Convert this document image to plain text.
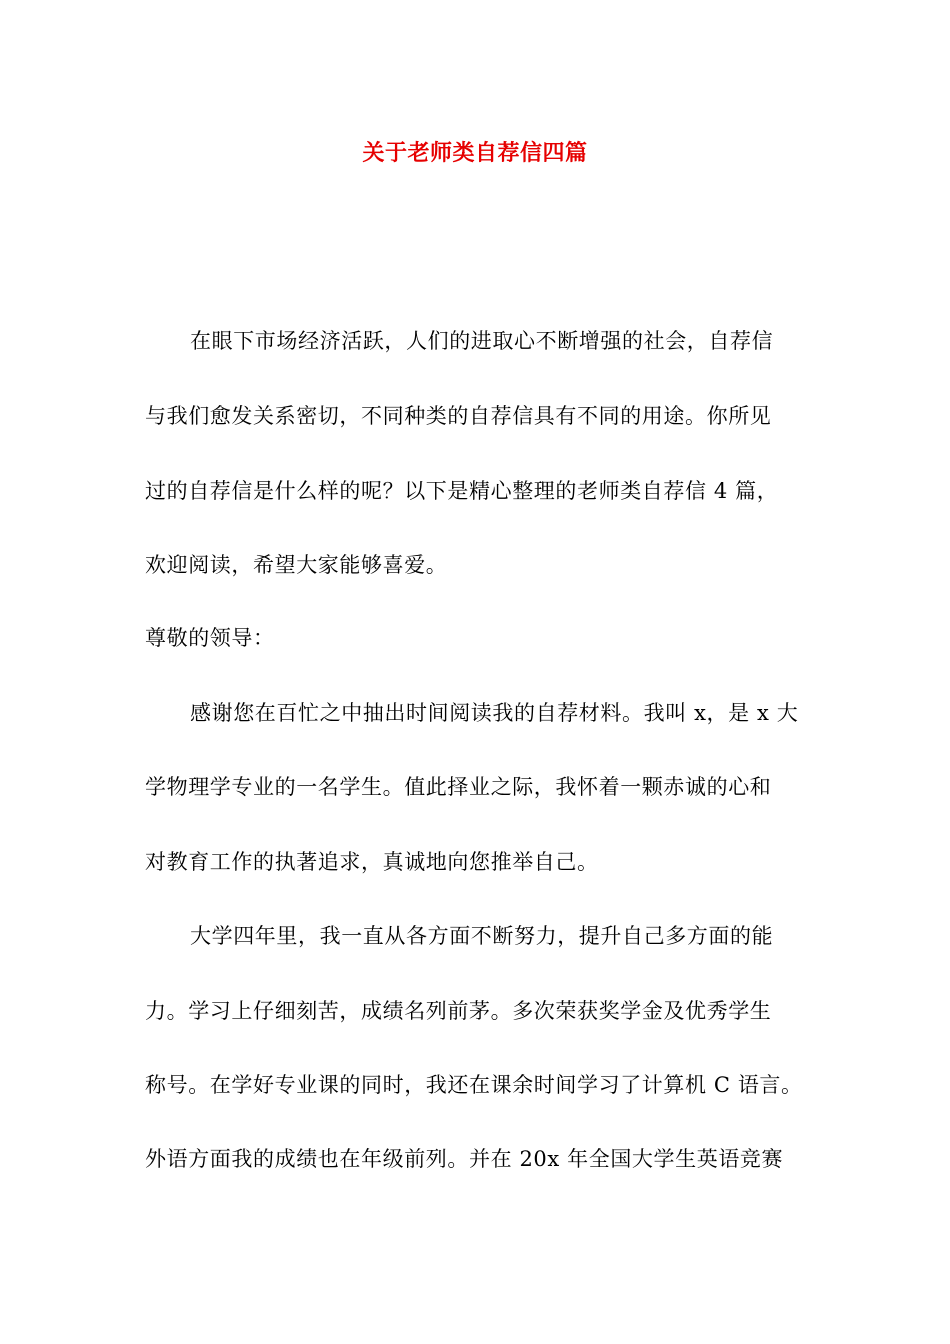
关于老师类自荐信四篇
在眼下市场经济活跃，人们的进取心不断增强的社会，自荐信
与我们愈发关系密切，不同种类的自荐信具有不同的用途。你所见
过的自荐信是什么样的呢？以下是精心整理的老师类自荐信 4 篇，
欢迎阅读，希望大家能够喜爱。
尊敬的领导：
感谢您在百忙之中抽出时间阅读我的自荐材料。我叫 x，是 x 大
学物理学专业的一名学生。值此择业之际，我怀着一颗赤诚的心和
对教育工作的执著追求，真诚地向您推举自己。
大学四年里，我一直从各方面不断努力，提升自己多方面的能
力。学习上仔细刻苦，成绩名列前茅。多次荣获奖学金及优秀学生
称号。在学好专业课的同时，我还在课余时间学习了计算机 C 语言。
外语方面我的成绩也在年级前列。并在 20x 年全国大学生英语竞赛
